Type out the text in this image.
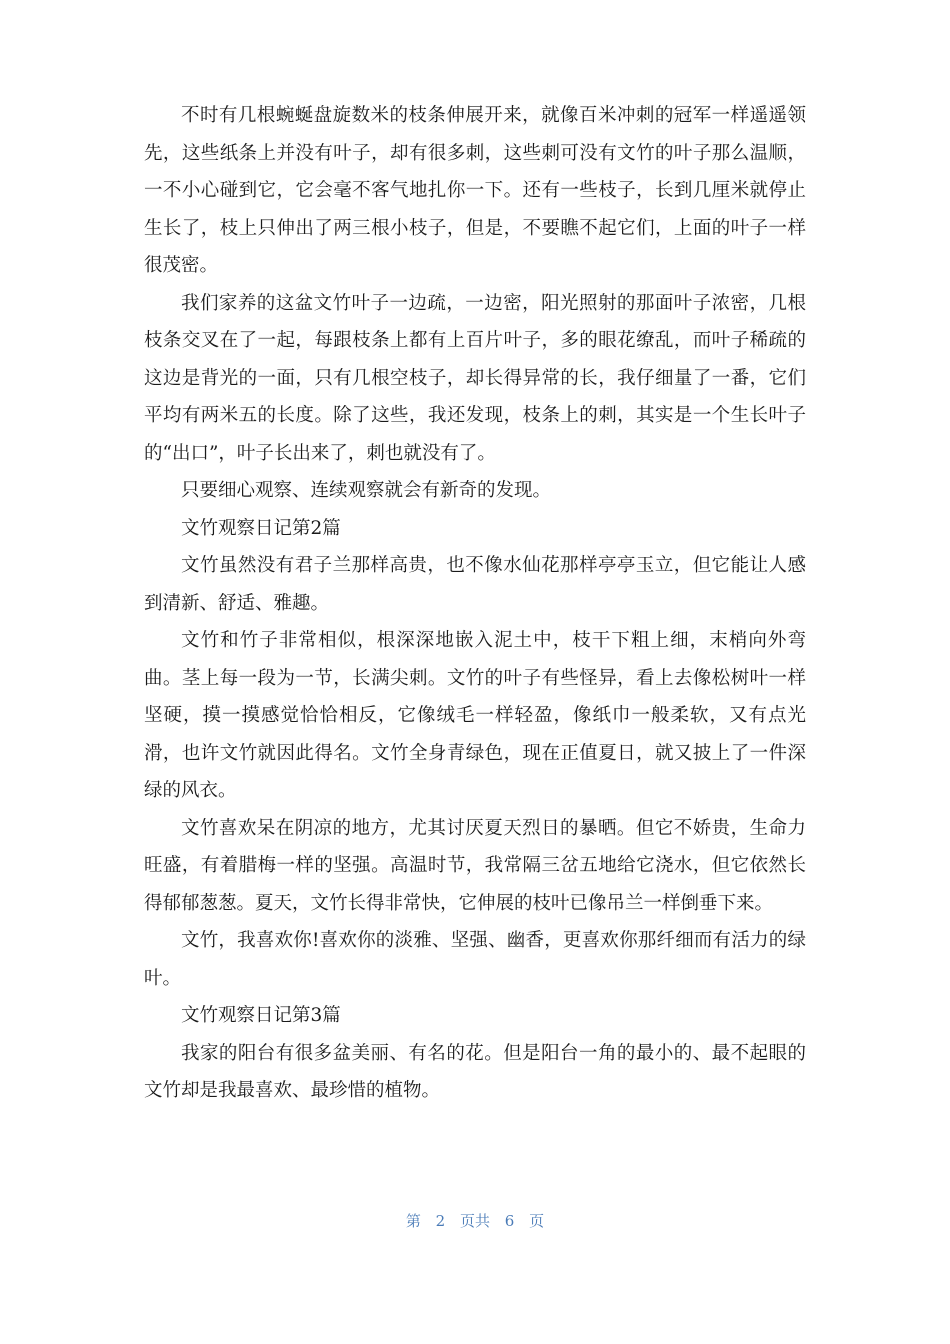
不时有几根蜿蜒盘旋数米的枝条伸展开来，就像百米冲刺的冠军一样遥遥领先，这些纸条上并没有叶子，却有很多刺，这些刺可没有文竹的叶子那么温顺，一不小心碰到它，它会毫不客气地扎你一下。还有一些枝子，长到几厘米就停止生长了，枝上只伸出了两三根小枝子，但是，不要瞧不起它们，上面的叶子一样很茂密。

我们家养的这盆文竹叶子一边疏，一边密，阳光照射的那面叶子浓密，几根枝条交叉在了一起，每跟枝条上都有上百片叶子，多的眼花缭乱，而叶子稀疏的这边是背光的一面，只有几根空枝子，却长得异常的长，我仔细量了一番，它们平均有两米五的长度。除了这些，我还发现，枝条上的刺，其实是一个生长叶子的“出口”，叶子长出来了，刺也就没有了。

只要细心观察、连续观察就会有新奇的发现。

文竹观察日记第2篇

文竹虽然没有君子兰那样高贵，也不像水仙花那样亭亭玉立，但它能让人感到清新、舒适、雅趣。

文竹和竹子非常相似，根深深地嵌入泥土中，枝干下粗上细，末梢向外弯曲。茎上每一段为一节，长满尖刺。文竹的叶子有些怪异，看上去像松树叶一样坚硬，摸一摸感觉恰恰相反，它像绒毛一样轻盈，像纸巾一般柔软，又有点光滑，也许文竹就因此得名。文竹全身青绿色，现在正值夏日，就又披上了一件深绿的风衣。

文竹喜欢呆在阴凉的地方，尤其讨厌夏天烈日的暴晒。但它不娇贵，生命力旺盛，有着腊梅一样的坚强。高温时节，我常隔三岔五地给它浇水，但它依然长得郁郁葱葱。夏天，文竹长得非常快，它伸展的枝叶已像吊兰一样倒垂下来。

文竹，我喜欢你!喜欢你的淡雅、坚强、幽香，更喜欢你那纤细而有活力的绿叶。

文竹观察日记第3篇

我家的阳台有很多盆美丽、有名的花。但是阳台一角的最小的、最不起眼的文竹却是我最喜欢、最珍惜的植物。

第 2 页共 6 页
